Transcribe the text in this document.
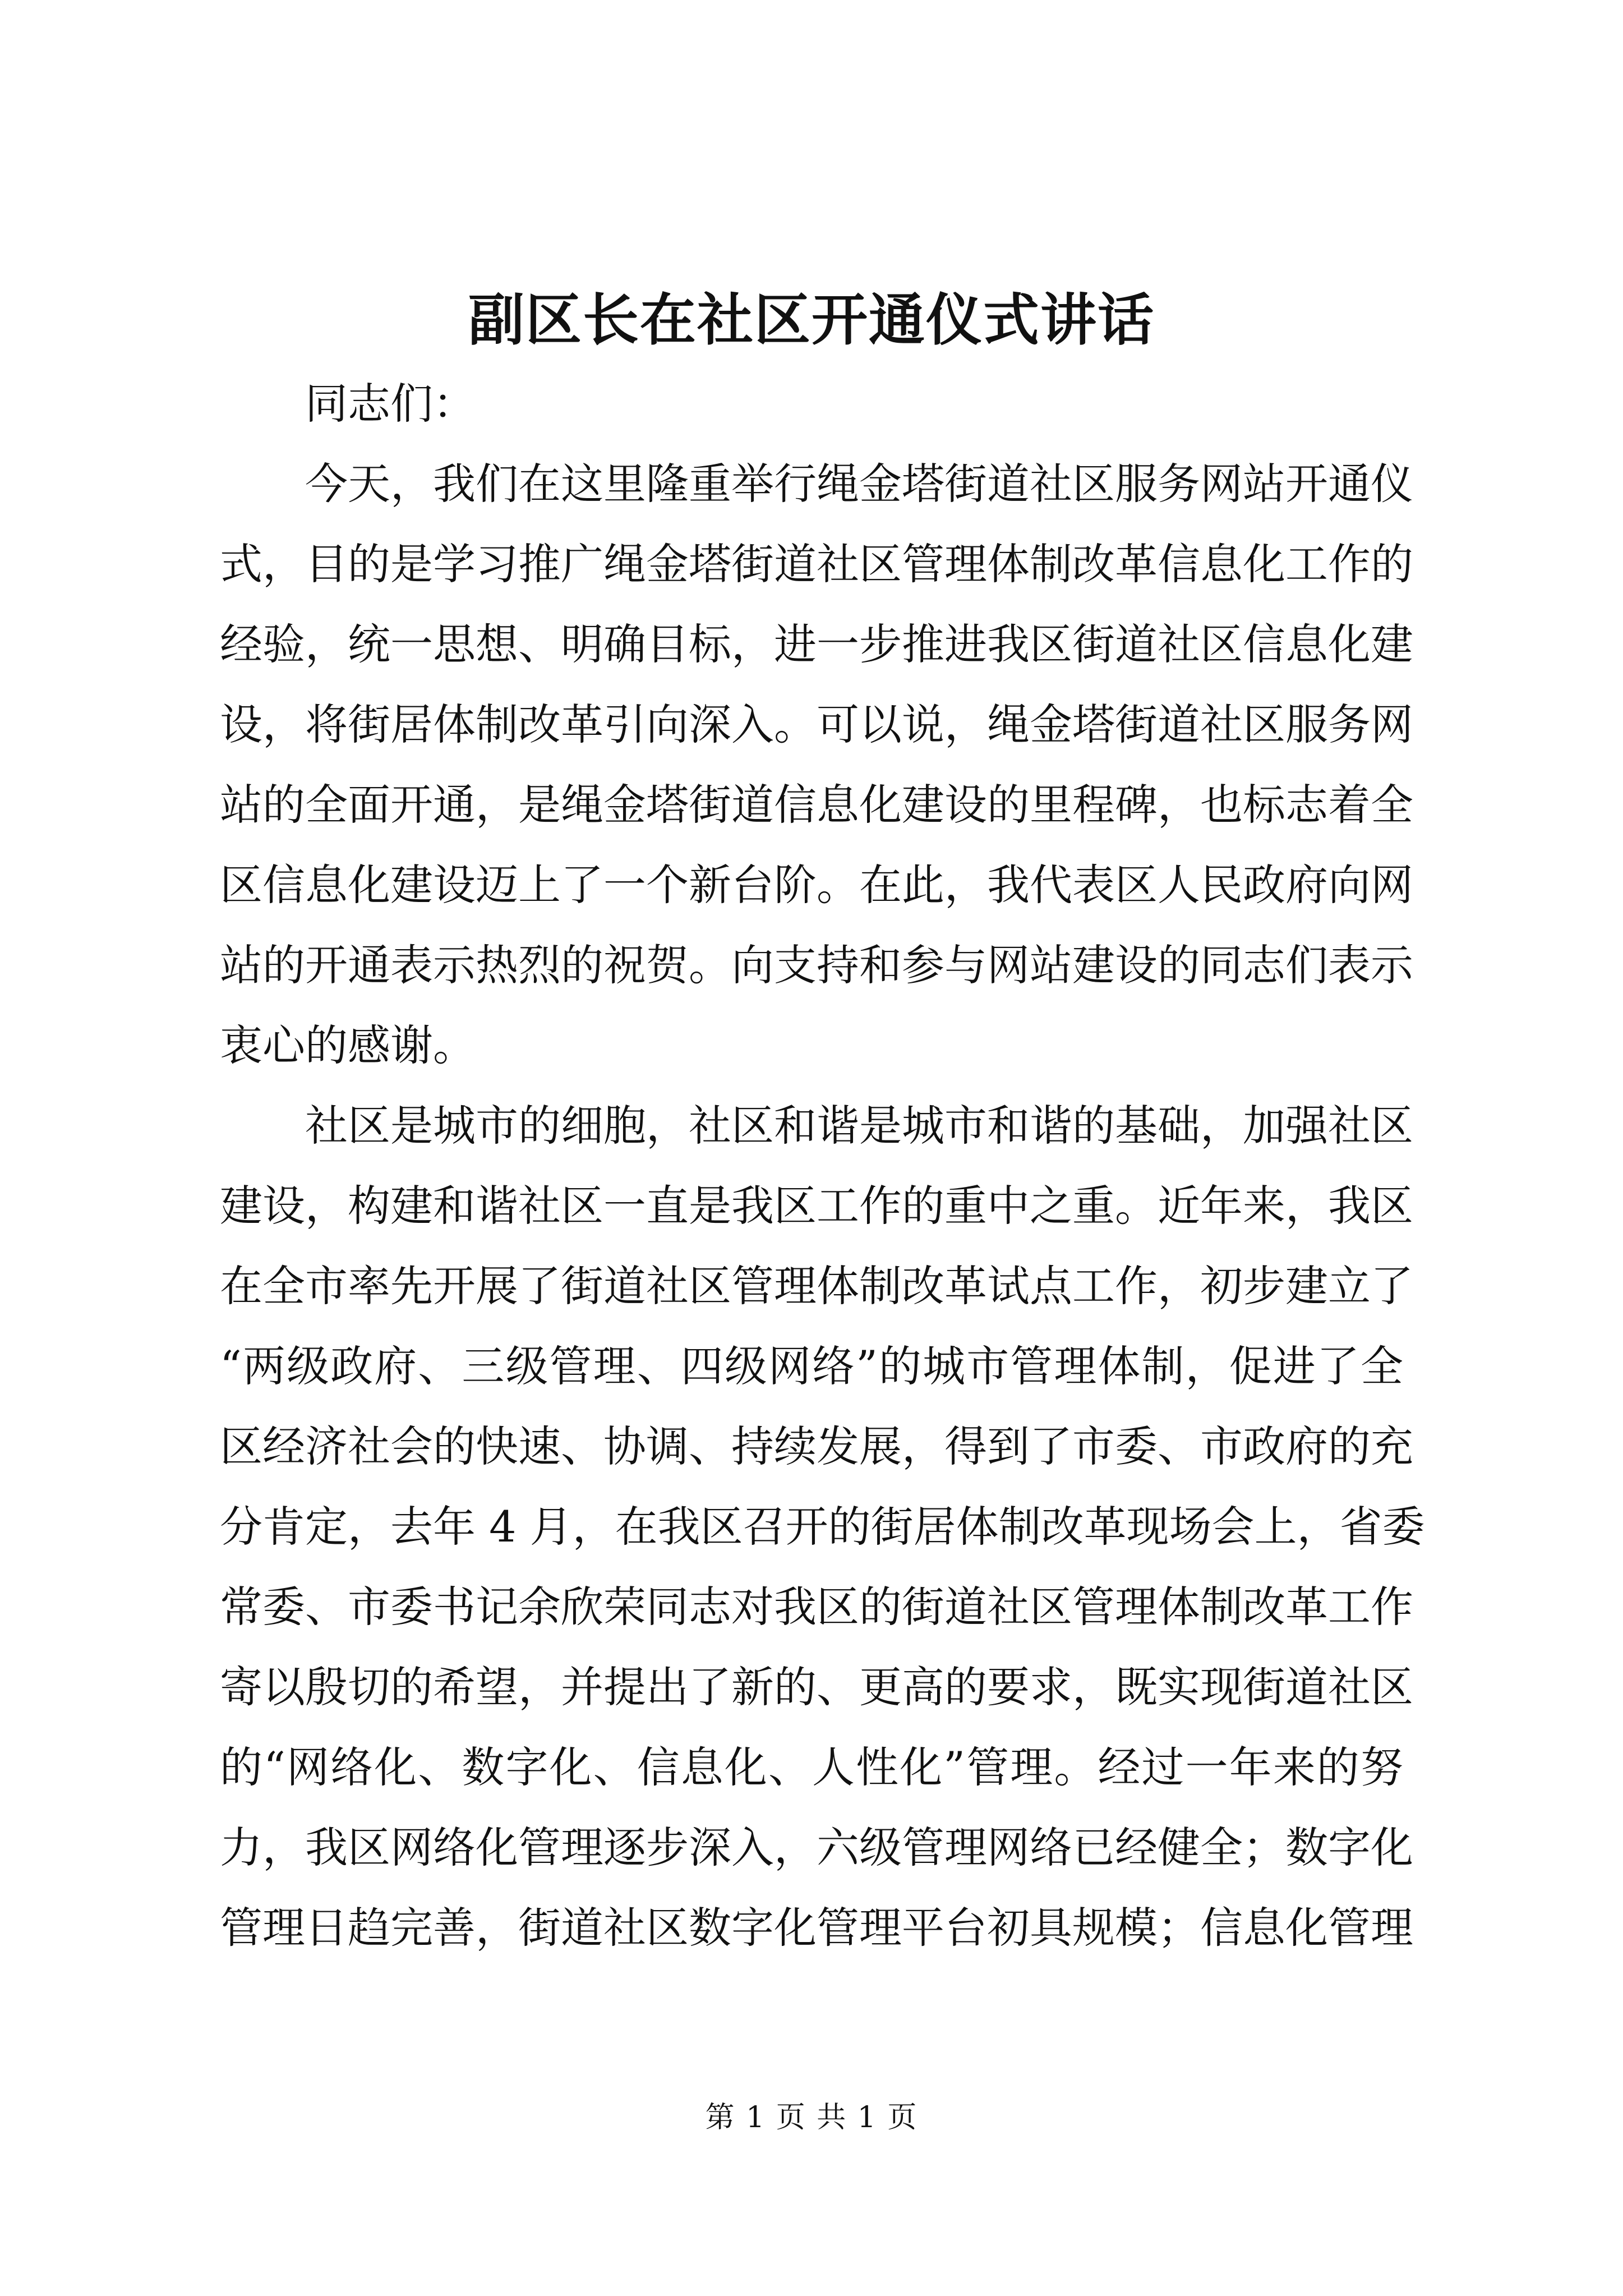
副区长在社区开通仪式讲话
同志们：
今天，我们在这里隆重举行绳金塔街道社区服务网站开通仪
式，目的是学习推广绳金塔街道社区管理体制改革信息化工作的
经验，统一思想、明确目标，进一步推进我区街道社区信息化建
设，将街居体制改革引向深入。可以说，绳金塔街道社区服务网
站的全面开通，是绳金塔街道信息化建设的里程碑，也标志着全
区信息化建设迈上了一个新台阶。在此，我代表区人民政府向网
站的开通表示热烈的祝贺。向支持和参与网站建设的同志们表示
衷心的感谢。
社区是城市的细胞，社区和谐是城市和谐的基础，加强社区
建设，构建和谐社区一直是我区工作的重中之重。近年来，我区
在全市率先开展了街道社区管理体制改革试点工作，初步建立了
“两级政府、三级管理、四级网络”的城市管理体制，促进了全
区经济社会的快速、协调、持续发展，得到了市委、市政府的充
分肯定，去年 4 月，在我区召开的街居体制改革现场会上，省委
常委、市委书记余欣荣同志对我区的街道社区管理体制改革工作
寄以殷切的希望，并提出了新的、更高的要求，既实现街道社区
的“网络化、数字化、信息化、人性化”管理。经过一年来的努
力，我区网络化管理逐步深入，六级管理网络已经健全；数字化
管理日趋完善，街道社区数字化管理平台初具规模；信息化管理

第 1 页 共 1 页
